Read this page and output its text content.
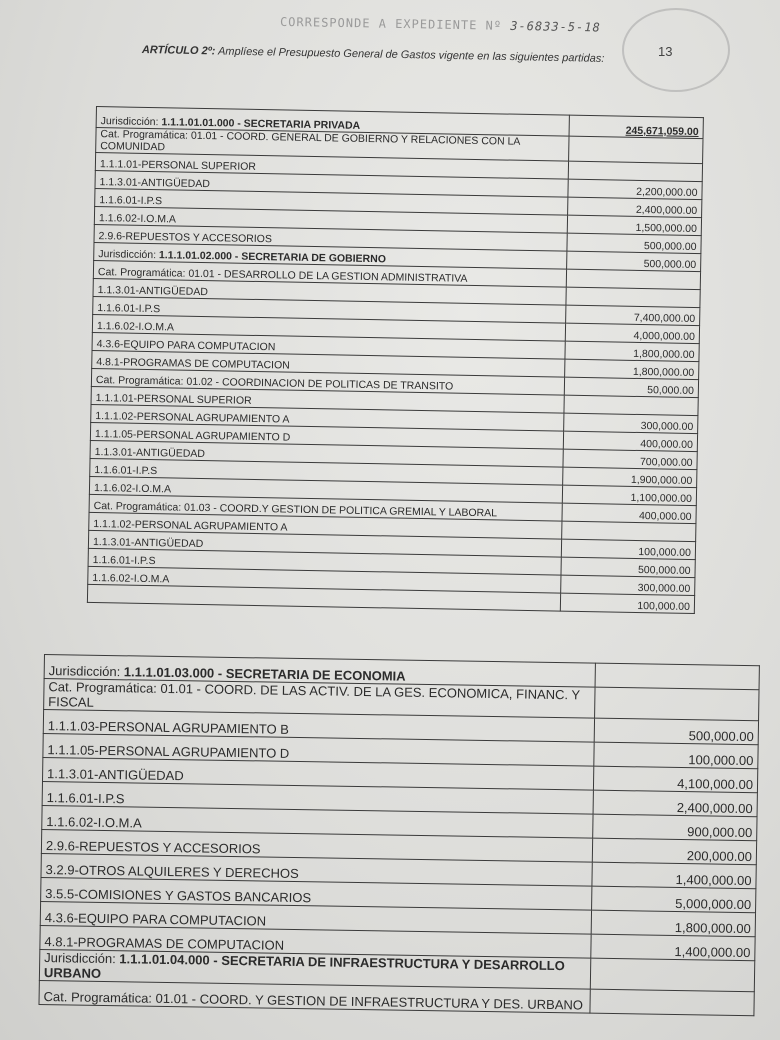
CORRESPONDE A EXPEDIENTE Nº 3-6833-5-18
13
ARTÍCULO 2º: Amplíese el Presupuesto General de Gastos vigente en las siguientes partidas:
Jurisdicción: 1.1.1.01.01.000 - SECRETARIA PRIVADA	245,671,059.00
Cat. Programática: 01.01 - COORD. GENERAL DE GOBIERNO Y RELACIONES CON LA COMUNIDAD	
1.1.1.01-PERSONAL SUPERIOR	
1.1.3.01-ANTIGÜEDAD	2,200,000.00
1.1.6.01-I.P.S	2,400,000.00
1.1.6.02-I.O.M.A	1,500,000.00
2.9.6-REPUESTOS Y ACCESORIOS	500,000.00
Jurisdicción: 1.1.1.01.02.000 - SECRETARIA DE GOBIERNO	500,000.00
Cat. Programática: 01.01 - DESARROLLO DE LA GESTION ADMINISTRATIVA	
1.1.3.01-ANTIGÜEDAD	
1.1.6.01-I.P.S	7,400,000.00
1.1.6.02-I.O.M.A	4,000,000.00
4.3.6-EQUIPO PARA COMPUTACION	1,800,000.00
4.8.1-PROGRAMAS DE COMPUTACION	1,800,000.00
Cat. Programática: 01.02 - COORDINACION DE POLITICAS DE TRANSITO	50,000.00
1.1.1.01-PERSONAL SUPERIOR	
1.1.1.02-PERSONAL AGRUPAMIENTO A	300,000.00
1.1.1.05-PERSONAL AGRUPAMIENTO D	400,000.00
1.1.3.01-ANTIGÜEDAD	700,000.00
1.1.6.01-I.P.S	1,900,000.00
1.1.6.02-I.O.M.A	1,100,000.00
Cat. Programática: 01.03 - COORD.Y GESTION DE POLITICA GREMIAL Y LABORAL	400,000.00
1.1.1.02-PERSONAL AGRUPAMIENTO A	
1.1.3.01-ANTIGÜEDAD	100,000.00
1.1.6.01-I.P.S	500,000.00
1.1.6.02-I.O.M.A	300,000.00
	100,000.00
Jurisdicción: 1.1.1.01.03.000 - SECRETARIA DE ECONOMIA	
Cat. Programática: 01.01 - COORD. DE LAS ACTIV. DE LA GES. ECONOMICA, FINANC. Y FISCAL	
1.1.1.03-PERSONAL AGRUPAMIENTO B	500,000.00
1.1.1.05-PERSONAL AGRUPAMIENTO D	100,000.00
1.1.3.01-ANTIGÜEDAD	4,100,000.00
1.1.6.01-I.P.S	2,400,000.00
1.1.6.02-I.O.M.A	900,000.00
2.9.6-REPUESTOS Y ACCESORIOS	200,000.00
3.2.9-OTROS ALQUILERES Y DERECHOS	1,400,000.00
3.5.5-COMISIONES Y GASTOS BANCARIOS	5,000,000.00
4.3.6-EQUIPO PARA COMPUTACION	1,800,000.00
4.8.1-PROGRAMAS DE COMPUTACION	1,400,000.00
Jurisdicción: 1.1.1.01.04.000 - SECRETARIA DE INFRAESTRUCTURA Y DESARROLLO URBANO	
Cat. Programática: 01.01 - COORD. Y GESTION DE INFRAESTRUCTURA Y DES. URBANO	
